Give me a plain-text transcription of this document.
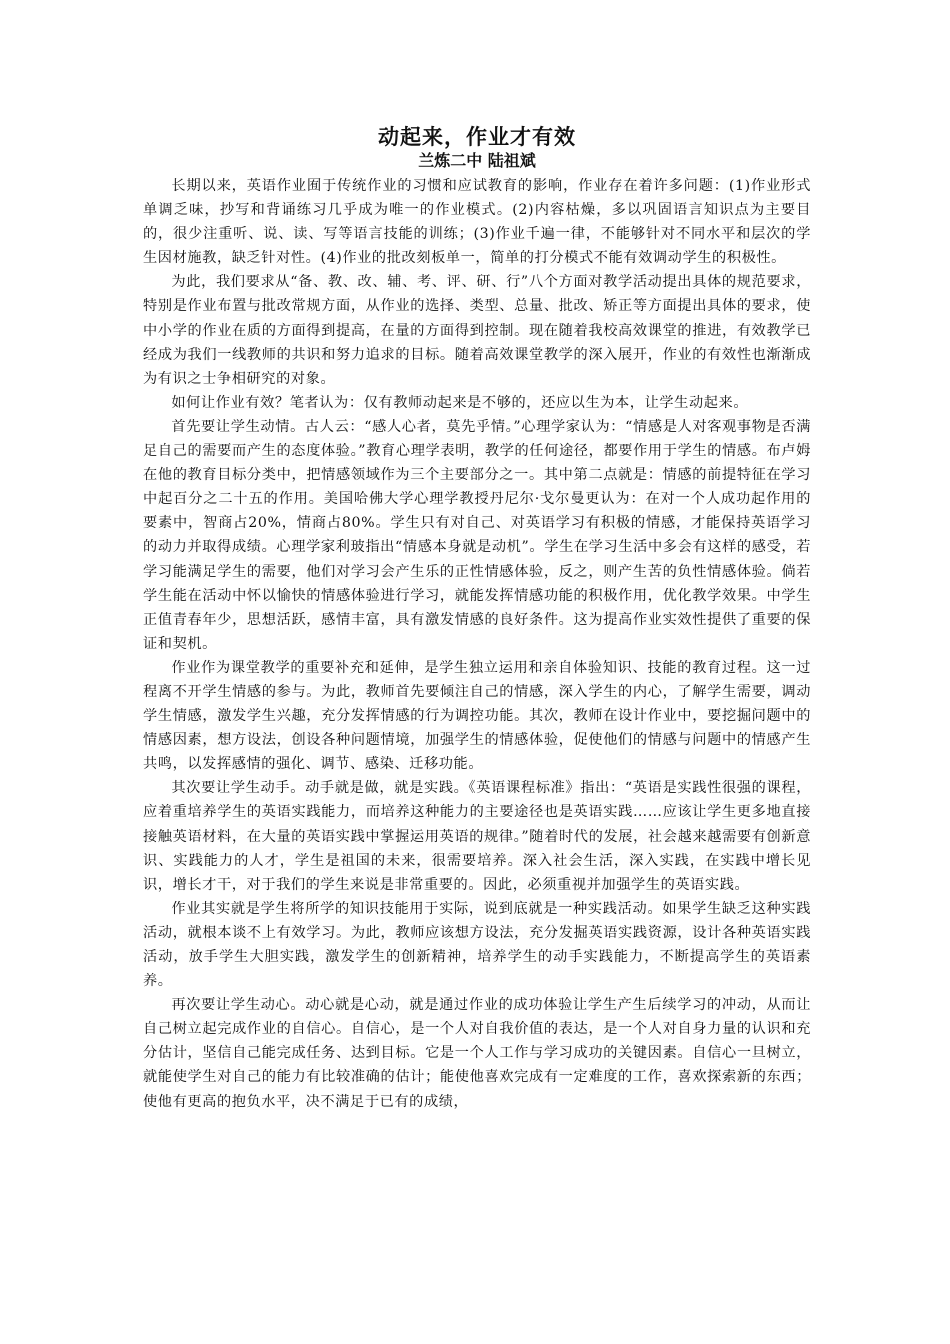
动起来，作业才有效
兰炼二中 陆祖斌

长期以来，英语作业囿于传统作业的习惯和应试教育的影响，作业存在着许多问题：(1)作业形式单调乏味，抄写和背诵练习几乎成为唯一的作业模式。(2)内容枯燥，多以巩固语言知识点为主要目的，很少注重听、说、读、写等语言技能的训练；(3)作业千遍一律，不能够针对不同水平和层次的学生因材施教，缺乏针对性。(4)作业的批改刻板单一，简单的打分模式不能有效调动学生的积极性。

为此，我们要求从“备、教、改、辅、考、评、研、行”八个方面对教学活动提出具体的规范要求，特别是作业布置与批改常规方面，从作业的选择、类型、总量、批改、矫正等方面提出具体的要求，使中小学的作业在质的方面得到提高，在量的方面得到控制。现在随着我校高效课堂的推进，有效教学已经成为我们一线教师的共识和努力追求的目标。随着高效课堂教学的深入展开，作业的有效性也渐渐成为有识之士争相研究的对象。

如何让作业有效？笔者认为：仅有教师动起来是不够的，还应以生为本，让学生动起来。

首先要让学生动情。古人云：“感人心者，莫先乎情。”心理学家认为：“情感是人对客观事物是否满足自己的需要而产生的态度体验。”教育心理学表明，教学的任何途径，都要作用于学生的情感。布卢姆在他的教育目标分类中，把情感领域作为三个主要部分之一。其中第二点就是：情感的前提特征在学习中起百分之二十五的作用。美国哈佛大学心理学教授丹尼尔·戈尔曼更认为：在对一个人成功起作用的要素中，智商占20%，情商占80%。学生只有对自己、对英语学习有积极的情感，才能保持英语学习的动力并取得成绩。心理学家利玻指出“情感本身就是动机”。学生在学习生活中多会有这样的感受，若学习能满足学生的需要，他们对学习会产生乐的正性情感体验，反之，则产生苦的负性情感体验。倘若学生能在活动中怀以愉快的情感体验进行学习，就能发挥情感功能的积极作用，优化教学效果。中学生正值青春年少，思想活跃，感情丰富，具有激发情感的良好条件。这为提高作业实效性提供了重要的保证和契机。

作业作为课堂教学的重要补充和延伸，是学生独立运用和亲自体验知识、技能的教育过程。这一过程离不开学生情感的参与。为此，教师首先要倾注自己的情感，深入学生的内心，了解学生需要，调动学生情感，激发学生兴趣，充分发挥情感的行为调控功能。其次，教师在设计作业中，要挖掘问题中的情感因素，想方设法，创设各种问题情境，加强学生的情感体验，促使他们的情感与问题中的情感产生共鸣，以发挥感情的强化、调节、感染、迁移功能。

其次要让学生动手。动手就是做，就是实践。《英语课程标准》指出：“英语是实践性很强的课程，应着重培养学生的英语实践能力，而培养这种能力的主要途径也是英语实践……应该让学生更多地直接接触英语材料，在大量的英语实践中掌握运用英语的规律。”随着时代的发展，社会越来越需要有创新意识、实践能力的人才，学生是祖国的未来，很需要培养。深入社会生活，深入实践，在实践中增长见识，增长才干，对于我们的学生来说是非常重要的。因此，必须重视并加强学生的英语实践。

作业其实就是学生将所学的知识技能用于实际，说到底就是一种实践活动。如果学生缺乏这种实践活动，就根本谈不上有效学习。为此，教师应该想方设法，充分发掘英语实践资源，设计各种英语实践活动，放手学生大胆实践，激发学生的创新精神，培养学生的动手实践能力，不断提高学生的英语素养。

再次要让学生动心。动心就是心动，就是通过作业的成功体验让学生产生后续学习的冲动，从而让自己树立起完成作业的自信心。自信心，是一个人对自我价值的表达，是一个人对自身力量的认识和充分估计，坚信自己能完成任务、达到目标。它是一个人工作与学习成功的关键因素。自信心一旦树立，就能使学生对自己的能力有比较准确的估计；能使他喜欢完成有一定难度的工作，喜欢探索新的东西；使他有更高的抱负水平，决不满足于已有的成绩，
